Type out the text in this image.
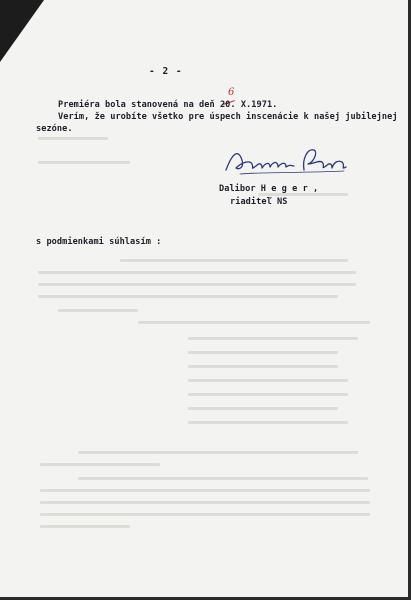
- 2 -
6
Premiéra bola stanovená na deň 20. X.1971.
Verím, že urobíte všetko pre úspech inscenácie k našej jubilejnej
sezóne.
Dalibor H e g e r ,
riaditeľ NS
s podmienkami súhlasím :
